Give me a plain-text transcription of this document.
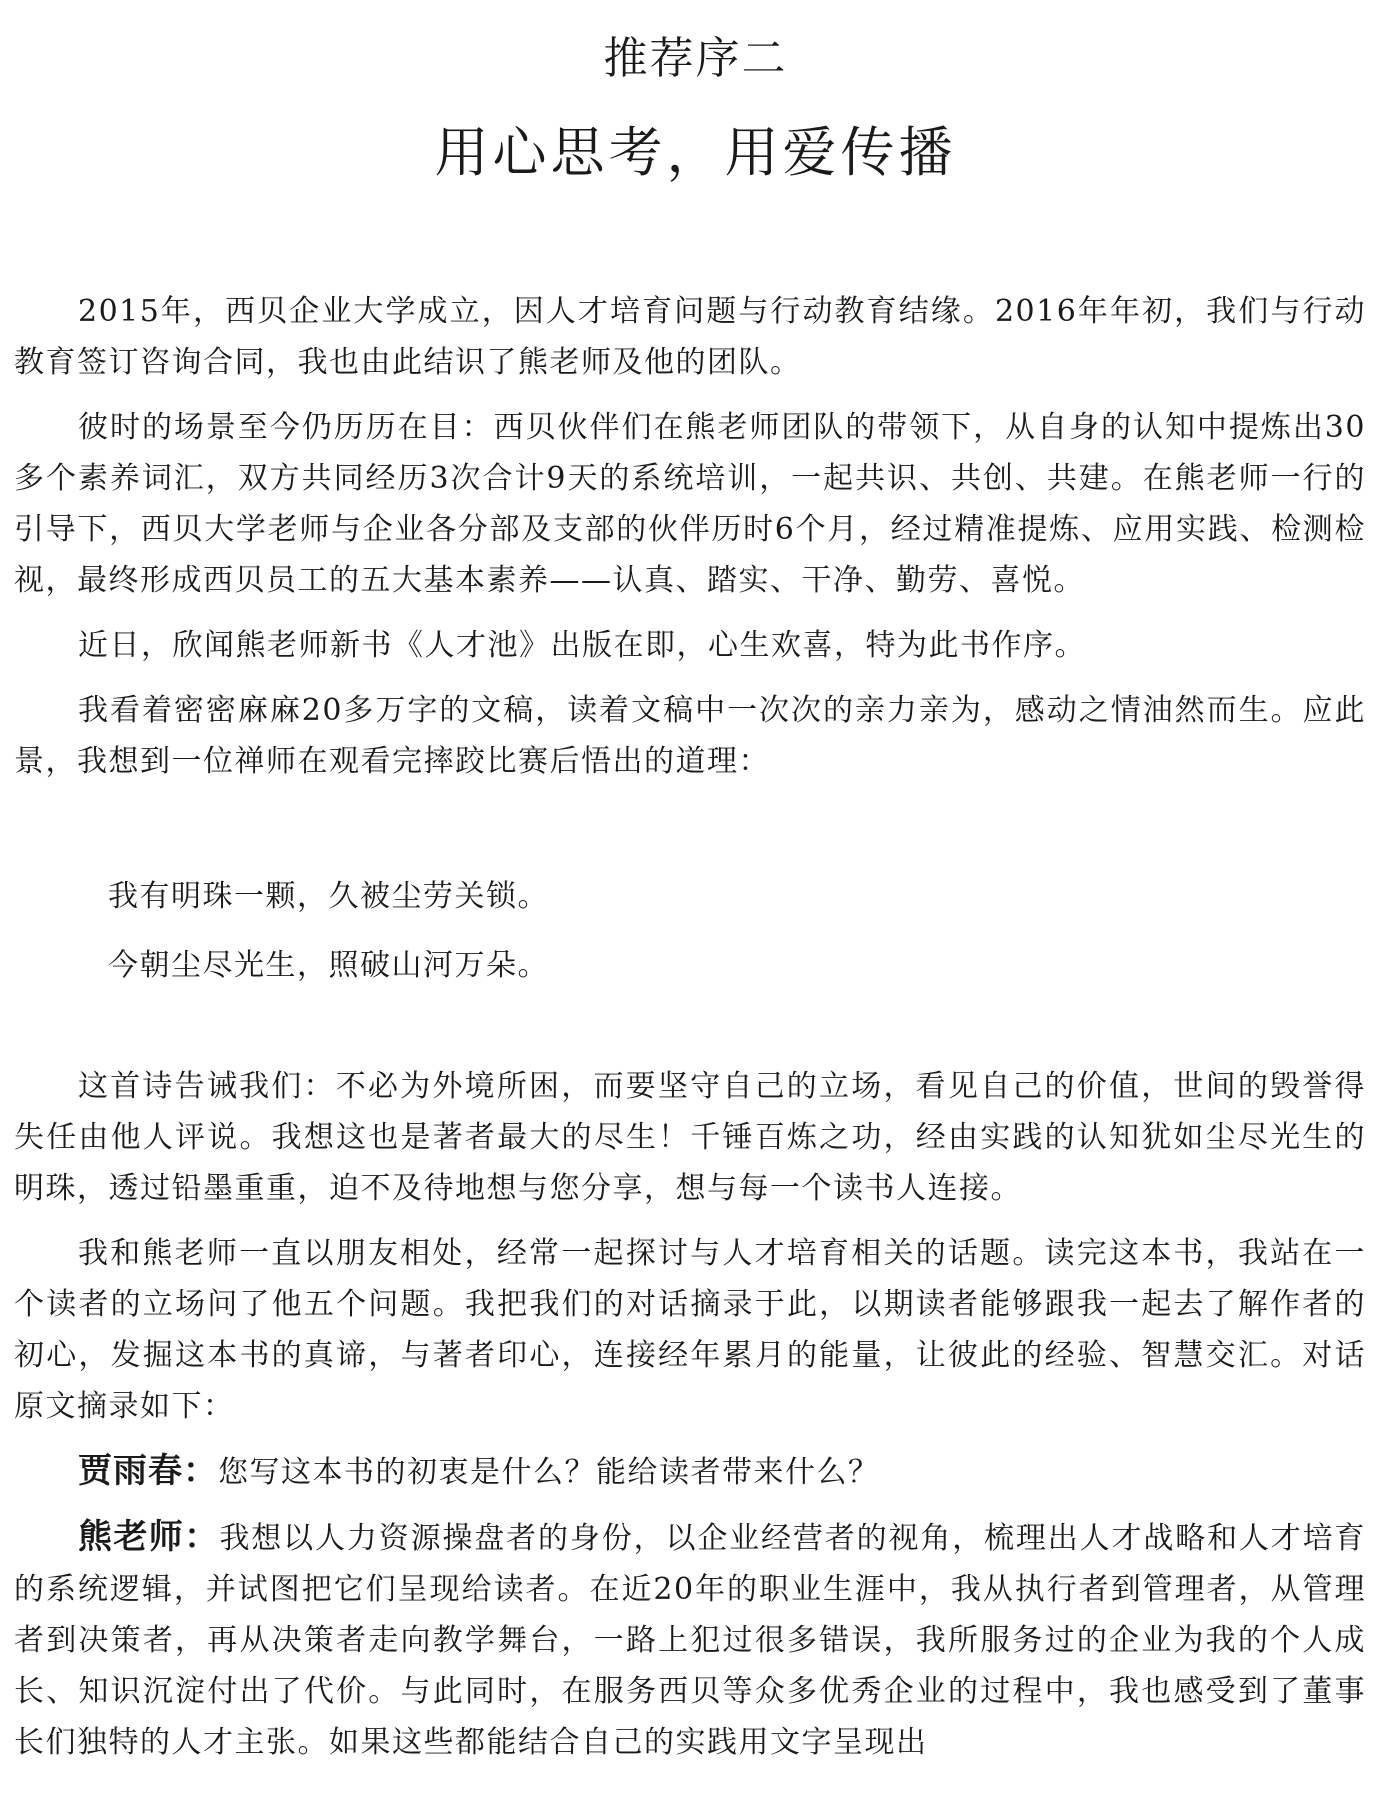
推荐序二
用心思考，用爱传播

2015年，西贝企业大学成立，因人才培育问题与行动教育结缘。2016年年初，我们与行动教育签订咨询合同，我也由此结识了熊老师及他的团队。

彼时的场景至今仍历历在目：西贝伙伴们在熊老师团队的带领下，从自身的认知中提炼出30多个素养词汇，双方共同经历3次合计9天的系统培训，一起共识、共创、共建。在熊老师一行的引导下，西贝大学老师与企业各分部及支部的伙伴历时6个月，经过精准提炼、应用实践、检测检视，最终形成西贝员工的五大基本素养——认真、踏实、干净、勤劳、喜悦。

近日，欣闻熊老师新书《人才池》出版在即，心生欢喜，特为此书作序。

我看着密密麻麻20多万字的文稿，读着文稿中一次次的亲力亲为，感动之情油然而生。应此景，我想到一位禅师在观看完摔跤比赛后悟出的道理：

我有明珠一颗，久被尘劳关锁。

今朝尘尽光生，照破山河万朵。

这首诗告诫我们：不必为外境所困，而要坚守自己的立场，看见自己的价值，世间的毁誉得失任由他人评说。我想这也是著者最大的尽生！千锤百炼之功，经由实践的认知犹如尘尽光生的明珠，透过铅墨重重，迫不及待地想与您分享，想与每一个读书人连接。

我和熊老师一直以朋友相处，经常一起探讨与人才培育相关的话题。读完这本书，我站在一个读者的立场问了他五个问题。我把我们的对话摘录于此，以期读者能够跟我一起去了解作者的初心，发掘这本书的真谛，与著者印心，连接经年累月的能量，让彼此的经验、智慧交汇。对话原文摘录如下：

贾雨春：您写这本书的初衷是什么？能给读者带来什么？

熊老师：我想以人力资源操盘者的身份，以企业经营者的视角，梳理出人才战略和人才培育的系统逻辑，并试图把它们呈现给读者。在近20年的职业生涯中，我从执行者到管理者，从管理者到决策者，再从决策者走向教学舞台，一路上犯过很多错误，我所服务过的企业为我的个人成长、知识沉淀付出了代价。与此同时，在服务西贝等众多优秀企业的过程中，我也感受到了董事长们独特的人才主张。如果这些都能结合自己的实践用文字呈现出
